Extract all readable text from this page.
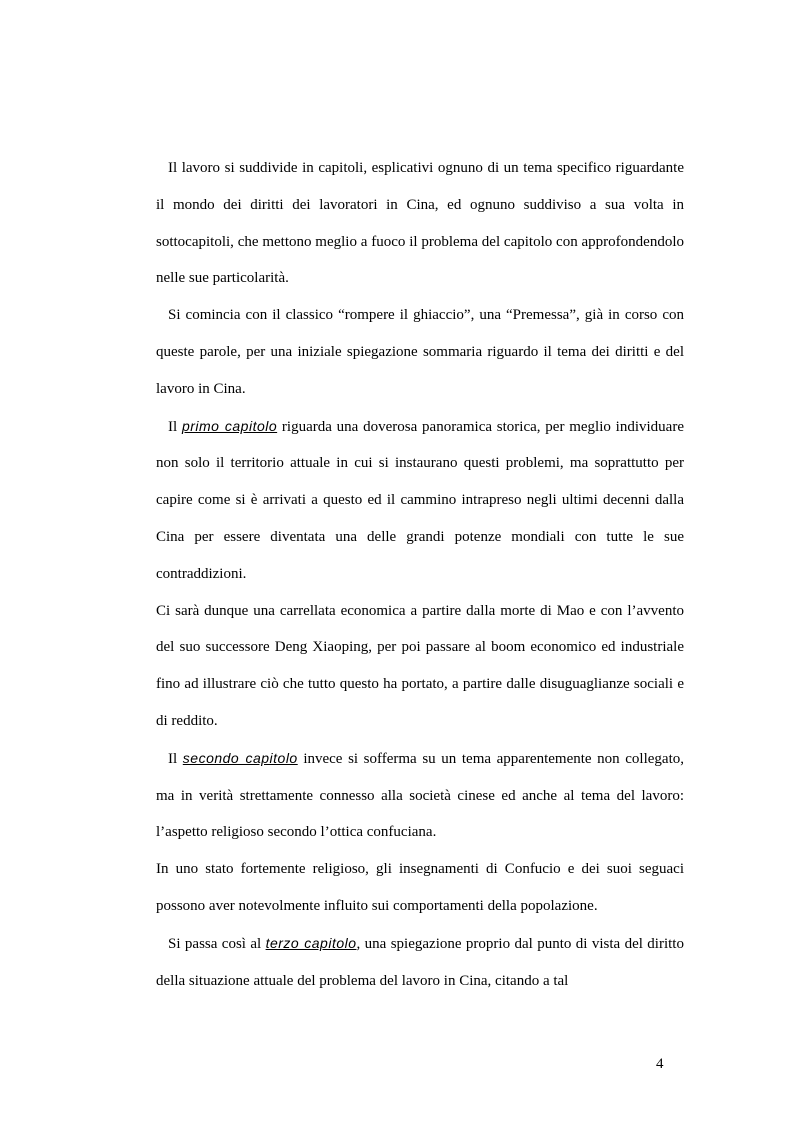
Il lavoro si suddivide in capitoli, esplicativi ognuno di un tema specifico riguardante il mondo dei diritti dei lavoratori in Cina, ed ognuno suddiviso a sua volta in sottocapitoli, che mettono meglio a fuoco il problema del capitolo con approfondendolo nelle sue particolarità.

Si comincia con il classico “rompere il ghiaccio”, una “Premessa”, già in corso con queste parole, per una iniziale spiegazione sommaria riguardo il tema dei diritti e del lavoro in Cina.

Il primo capitolo riguarda una doverosa panoramica storica, per meglio individuare non solo il territorio attuale in cui si instaurano questi problemi, ma soprattutto per capire come si è arrivati a questo ed il cammino intrapreso negli ultimi decenni dalla Cina per essere diventata una delle grandi potenze mondiali con tutte le sue contraddizioni.

Ci sarà dunque una carrellata economica a partire dalla morte di Mao e con l’avvento del suo successore Deng Xiaoping, per poi passare al boom economico ed industriale fino ad illustrare ciò che tutto questo ha portato, a partire dalle disuguaglianze sociali e di reddito.

Il secondo capitolo invece si sofferma su un tema apparentemente non collegato, ma in verità strettamente connesso alla società cinese ed anche al tema del lavoro: l’aspetto religioso secondo l’ottica confuciana.

In uno stato fortemente religioso, gli insegnamenti di Confucio e dei suoi seguaci possono aver notevolmente influito sui comportamenti della popolazione.

Si passa così al terzo capitolo, una spiegazione proprio dal punto di vista del diritto della situazione attuale del problema del lavoro in Cina, citando a tal

4
